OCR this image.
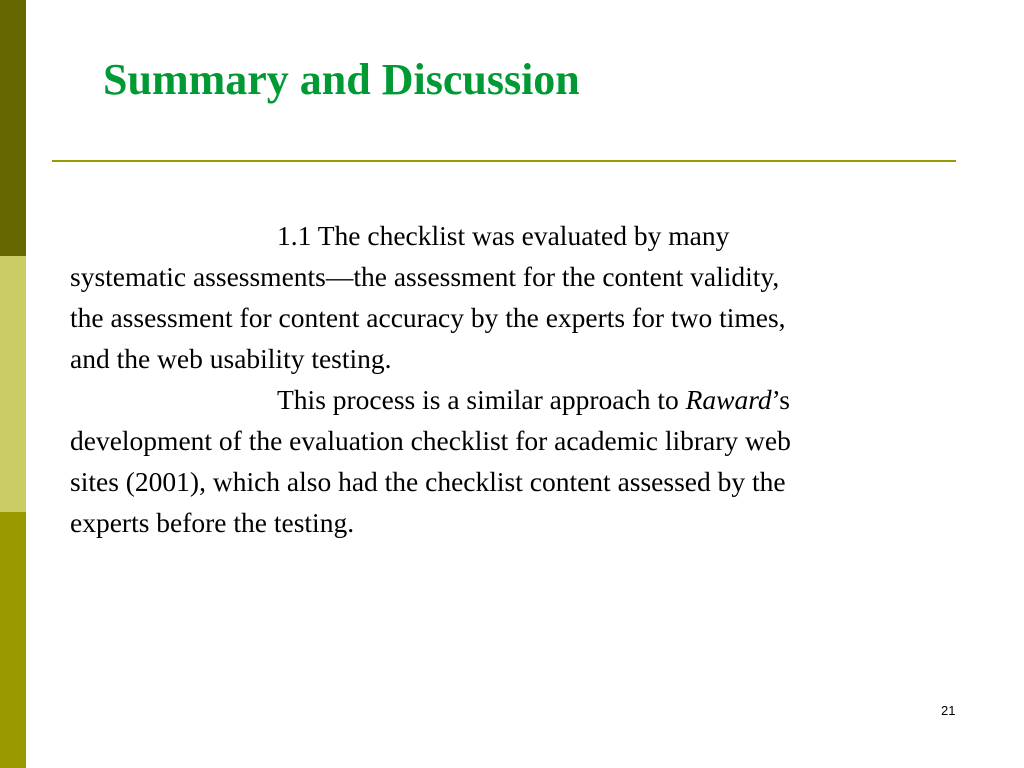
Summary and Discussion

1.1 The checklist was evaluated by many
systematic assessments—the assessment for the content validity,
the assessment for content accuracy by the experts for two times,
and the web usability testing.

This process is a similar approach to Raward’s
development of the evaluation checklist for academic library web
sites (2001), which also had the checklist content assessed by the
experts before the testing.

21
